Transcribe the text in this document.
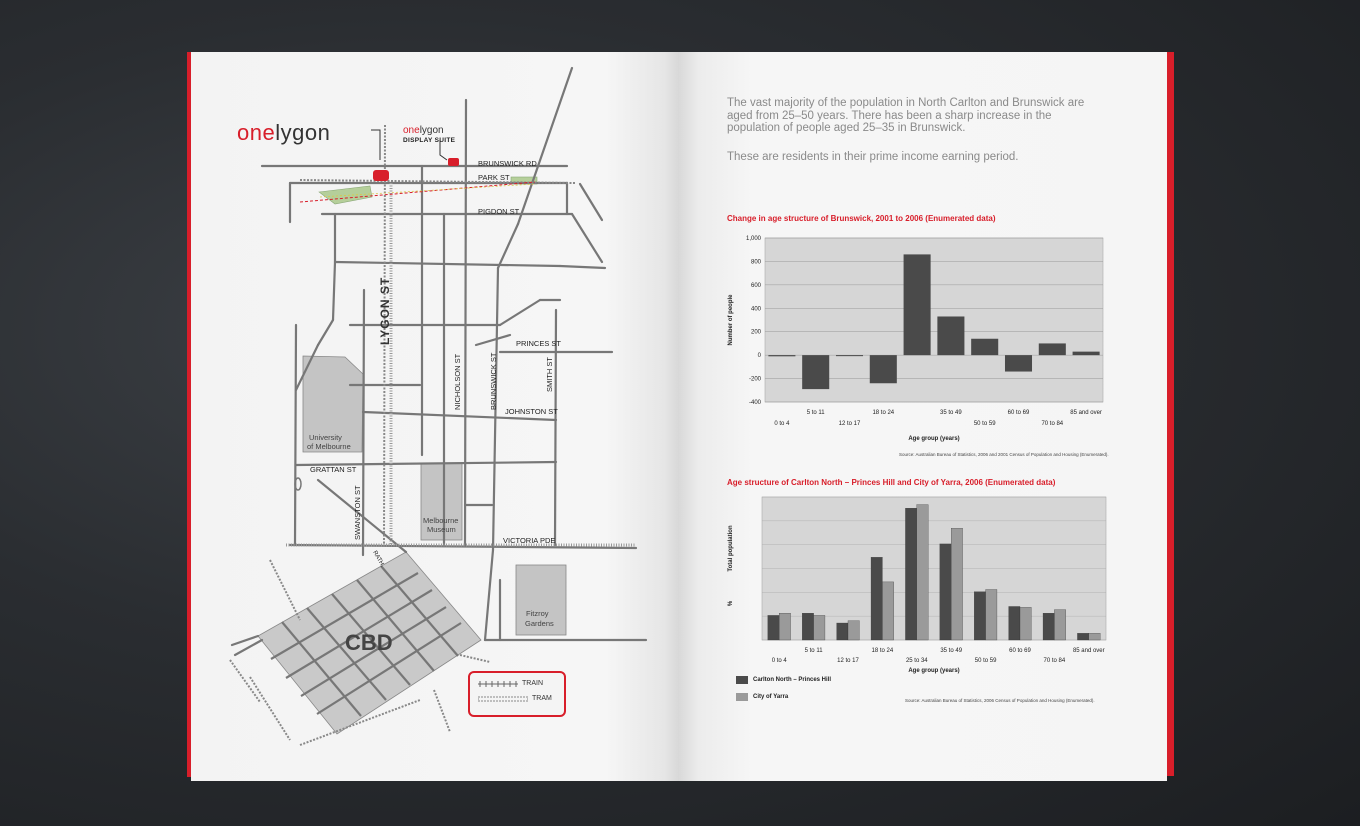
BRUNSWICK RD
PARK ST
PIGDON ST
PRINCES ST
JOHNSTON ST
GRATTAN ST
VICTORIA PDE
NICHOLSON ST	BRUNSWICK ST	SMITH ST
SWANSTON ST
RATH.
LYGON ST
University
of Melbourne
Melbourne
Museum
Fitzroy
Gardens
CBD
onelygon	onelygon
DISPLAY SUITE
TRAIN
TRAM

The vast majority of the population in North Carlton and Brunswick are aged from 25–50 years. There has been a sharp increase in the population of people aged 25–35 in Brunswick.

These are residents in their prime income earning period.

Change in age structure of Brunswick, 2001 to 2006 (Enumerated data)

1,000
800
600
400
200
0
-200
-400
0 to 4
5 to 11
12 to 17
18 to 24	35 to 49
50 to 59
60 to 69
70 to 84
85 and over
Age group (years)
Number of people
Source: Australian Bureau of Statistics, 2006 and 2001 Census of Population and Housing (Enumerated).

Age structure of Carlton North – Princes Hill and City of Yarra, 2006 (Enumerated data)

0 to 4
5 to 11
12 to 17
18 to 24
25 to 34
35 to 49
50 to 59
60 to 69
70 to 84
85 and over
Age group (years)
Total population
%
Carlton North – Princes Hill
City of Yarra
Source: Australian Bureau of Statistics, 2006 Census of Population and Housing (Enumerated).
